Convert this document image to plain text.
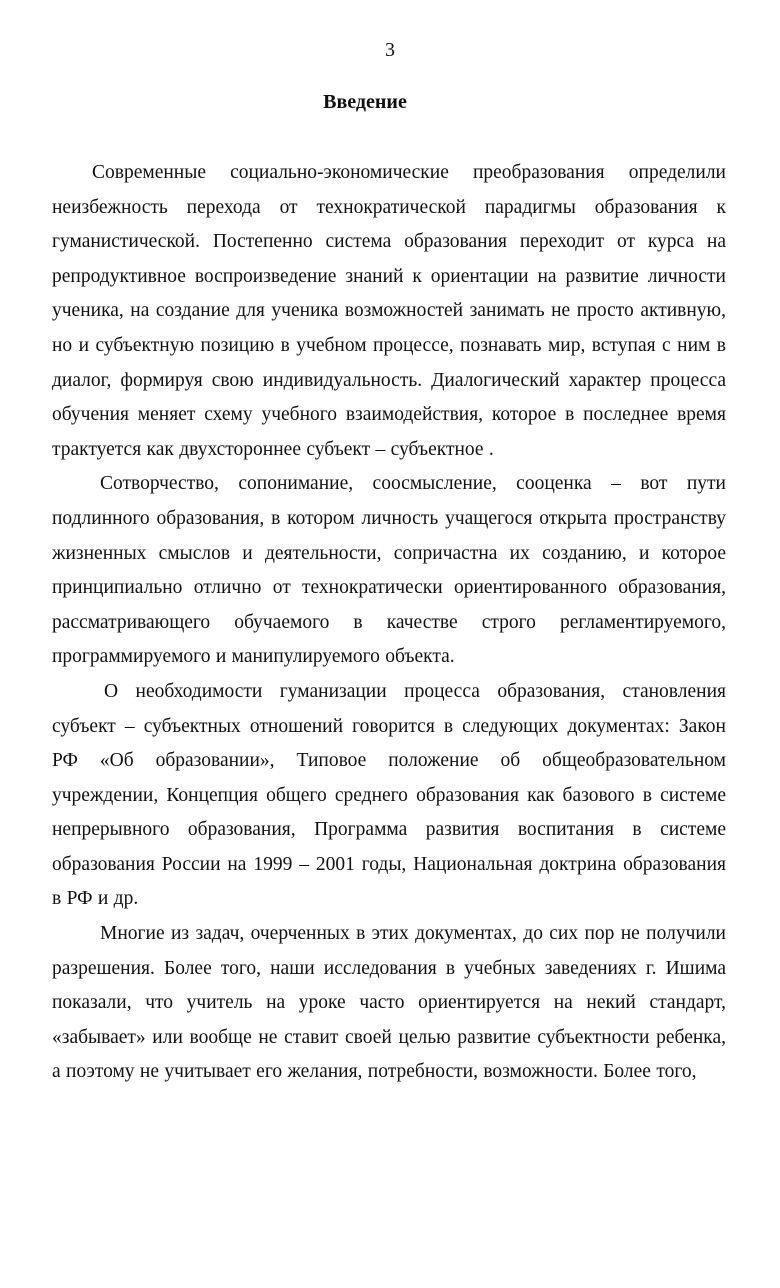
3
Введение

Современные социально-экономические преобразования определили неизбежность перехода от технократической парадигмы образования к гуманистической. Постепенно система образования переходит от курса на репродуктивное воспроизведение знаний к ориентации на развитие личности ученика, на создание для ученика возможностей занимать не просто активную, но и субъектную позицию в учебном процессе, познавать мир, вступая с ним в диалог, формируя свою индивидуальность. Диалогический характер процесса обучения меняет схему учебного взаимодействия, которое в последнее время трактуется как двухстороннее субъект – субъектное .

Сотворчество, сопонимание, соосмысление, сооценка – вот пути подлинного образования, в котором личность учащегося открыта пространству жизненных смыслов и деятельности, сопричастна их созданию, и которое принципиально отлично от технократически ориентированного образования, рассматривающего обучаемого в качестве строго регламентируемого, программируемого и манипулируемого объекта.

О необходимости гуманизации процесса образования, становления субъект – субъектных отношений говорится в следующих документах: Закон РФ «Об образовании», Типовое положение об общеобразовательном учреждении, Концепция общего среднего образования как базового в системе непрерывного образования, Программа развития воспитания в системе образования России на 1999 – 2001 годы, Национальная доктрина образования в РФ и др.

Многие из задач, очерченных в этих документах, до сих пор не получили разрешения. Более того, наши исследования в учебных заведениях г. Ишима показали, что учитель на уроке часто ориентируется на некий стандарт, «забывает» или вообще не ставит своей целью развитие субъектности ребенка, а поэтому не учитывает его желания, потребности, возможности. Более того,
